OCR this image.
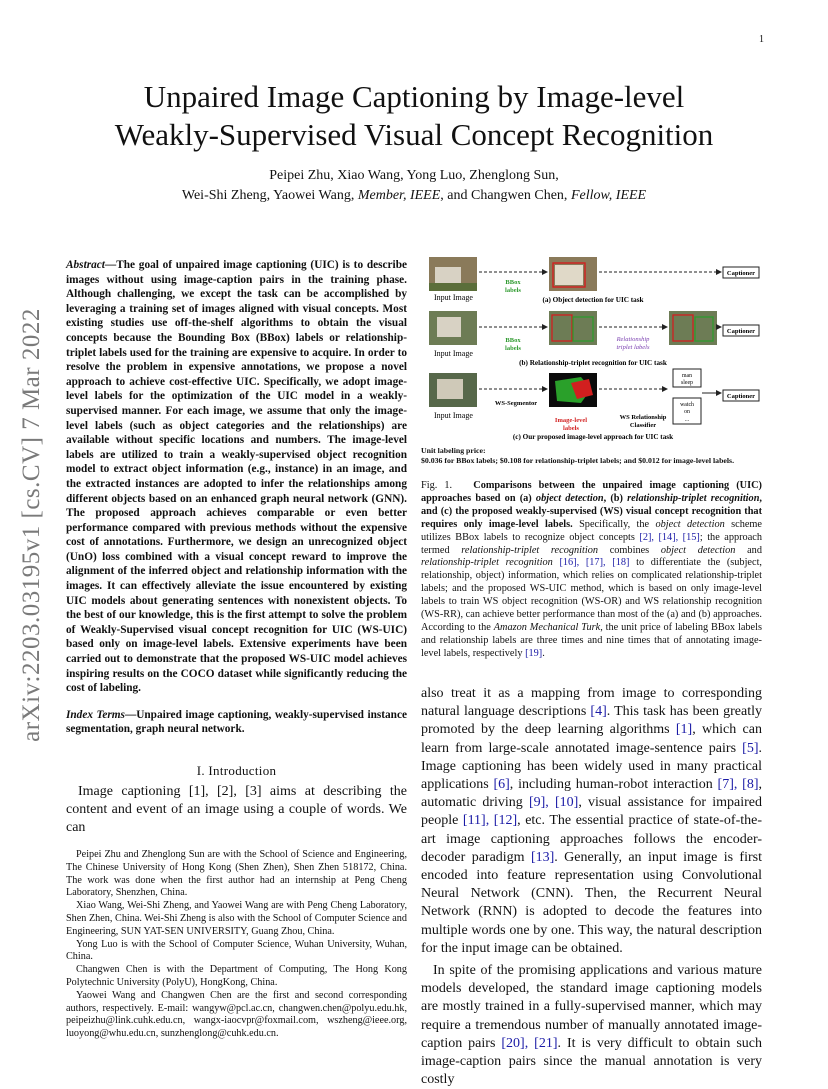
1
arXiv:2203.03195v1 [cs.CV] 7 Mar 2022
Unpaired Image Captioning by Image-level
Weakly-Supervised Visual Concept Recognition
Peipei Zhu, Xiao Wang, Yong Luo, Zhenglong Sun,
Wei-Shi Zheng, Yaowei Wang, Member, IEEE, and Changwen Chen, Fellow, IEEE

Abstract—The goal of unpaired image captioning (UIC) is to describe images without using image-caption pairs in the training phase. Although challenging, we except the task can be accomplished by leveraging a training set of images aligned with visual concepts. Most existing studies use off-the-shelf algorithms to obtain the visual concepts because the Bounding Box (BBox) labels or relationship-triplet labels used for the training are expensive to acquire. In order to resolve the problem in expensive annotations, we propose a novel approach to achieve cost-effective UIC. Specifically, we adopt image-level labels for the optimization of the UIC model in a weakly-supervised manner. For each image, we assume that only the image-level labels (such as object categories and the relationships) are available without specific locations and numbers. The image-level labels are utilized to train a weakly-supervised object recognition model to extract object information (e.g., instance) in an image, and the extracted instances are adopted to infer the relationships among different objects based on an enhanced graph neural network (GNN). The proposed approach achieves comparable or even better performance compared with previous methods without the expensive cost of annotations. Furthermore, we design an unrecognized object (UnO) loss combined with a visual concept reward to improve the alignment of the inferred object and relationship information with the images. It can effectively alleviate the issue encountered by existing UIC models about generating sentences with nonexistent objects. To the best of our knowledge, this is the first attempt to solve the problem of Weakly-Supervised visual concept recognition for UIC (WS-UIC) based only on image-level labels. Extensive experiments have been carried out to demonstrate that the proposed WS-UIC model achieves inspiring results on the COCO dataset while significantly reducing the cost of labeling.

Index Terms—Unpaired image captioning, weakly-supervised instance segmentation, graph neural network.
I. Introduction

Image captioning [1], [2], [3] aims at describing the content and event of an image using a couple of words. We can

Peipei Zhu and Zhenglong Sun are with the School of Science and Engineering, The Chinese University of Hong Kong (Shen Zhen), Shen Zhen 518172, China. The work was done when the first author had an internship at Peng Cheng Laboratory, Shenzhen, China.

Xiao Wang, Wei-Shi Zheng, and Yaowei Wang are with Peng Cheng Laboratory, Shen Zhen, China. Wei-Shi Zheng is also with the School of Computer Science and Engineering, SUN YAT-SEN UNIVERSITY, Guang Zhou, China.

Yong Luo is with the School of Computer Science, Wuhan University, Wuhan, China.

Changwen Chen is with the Department of Computing, The Hong Kong Polytechnic University (PolyU), HongKong, China.

Yaowei Wang and Changwen Chen are the first and second corresponding authors, respectively. E-mail: wangyw@pcl.ac.cn, changwen.chen@polyu.edu.hk, peipeizhu@link.cuhk.edu.cn, wangx-iaocvpr@foxmail.com, wszheng@ieee.org, luoyong@whu.edu.cn, sunzhenglong@cuhk.edu.cn.

Captioner
Input Image
BBox
labels
(a) Object detection for UIC task
Captioner
Input Image
BBox
labels
Relationship
triplet labels
(b) Relationship-triplet recognition for UIC task
man
sleep
watch
on
...
Captioner
Input Image
WS-Segmentor
Image-level
labels
WS Relationship
Classifier
(c) Our proposed image-level approach for UIC task
Unit labeling price:
$0.036 for BBox labels; $0.108 for relationship-triplet labels; and $0.012 for image-level labels.
Fig. 1. Comparisons between the unpaired image captioning (UIC) approaches based on (a) object detection, (b) relationship-triplet recognition, and (c) the proposed weakly-supervised (WS) visual concept recognition that requires only image-level labels. Specifically, the object detection scheme utilizes BBox labels to recognize object concepts [2], [14], [15]; the approach termed relationship-triplet recognition combines object detection and relationship-triplet recognition [16], [17], [18] to differentiate the (subject, relationship, object) information, which relies on complicated relationship-triplet labels; and the proposed WS-UIC method, which is based on only image-level labels to train WS object recognition (WS-OR) and WS relationship recognition (WS-RR), can achieve better performance than most of the (a) and (b) approaches. According to the Amazon Mechanical Turk, the unit price of labeling BBox labels and relationship labels are three times and nine times that of annotating image-level labels, respectively [19].

also treat it as a mapping from image to corresponding natural language descriptions [4]. This task has been greatly promoted by the deep learning algorithms [1], which can learn from large-scale annotated image-sentence pairs [5]. Image captioning has been widely used in many practical applications [6], including human-robot interaction [7], [8], automatic driving [9], [10], visual assistance for impaired people [11], [12], etc. The essential practice of state-of-the-art image captioning approaches follows the encoder-decoder paradigm [13]. Generally, an input image is first encoded into feature representation using Convolutional Neural Network (CNN). Then, the Recurrent Neural Network (RNN) is adopted to decode the features into multiple words one by one. This way, the natural description for the input image can be obtained.

In spite of the promising applications and various mature models developed, the standard image captioning models are mostly trained in a fully-supervised manner, which may require a tremendous number of manually annotated image-caption pairs [20], [21]. It is very difficult to obtain such image-caption pairs since the manual annotation is very costly
